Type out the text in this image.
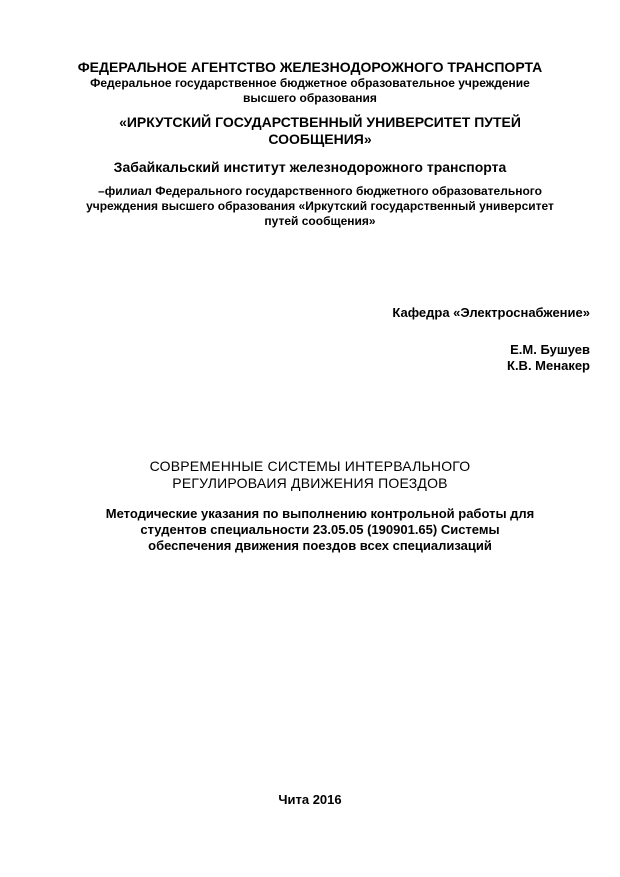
ФЕДЕРАЛЬНОЕ АГЕНТСТВО ЖЕЛЕЗНОДОРОЖНОГО ТРАНСПОРТА
Федеральное государственное бюджетное образовательное учреждение
высшего образования
«ИРКУТСКИЙ ГОСУДАРСТВЕННЫЙ УНИВЕРСИТЕТ ПУТЕЙ СООБЩЕНИЯ»
Забайкальский институт железнодорожного транспорта
–филиал Федерального государственного бюджетного образовательного учреждения высшего образования «Иркутский государственный университет путей сообщения»
Кафедра «Электроснабжение»
Е.М. Бушуев
К.В. Менакер
СОВРЕМЕННЫЕ СИСТЕМЫ ИНТЕРВАЛЬНОГО
РЕГУЛИРОВАИЯ ДВИЖЕНИЯ ПОЕЗДОВ
Методические указания по выполнению контрольной работы для студентов специальности 23.05.05 (190901.65) Системы обеспечения движения поездов всех специализаций
Чита 2016
